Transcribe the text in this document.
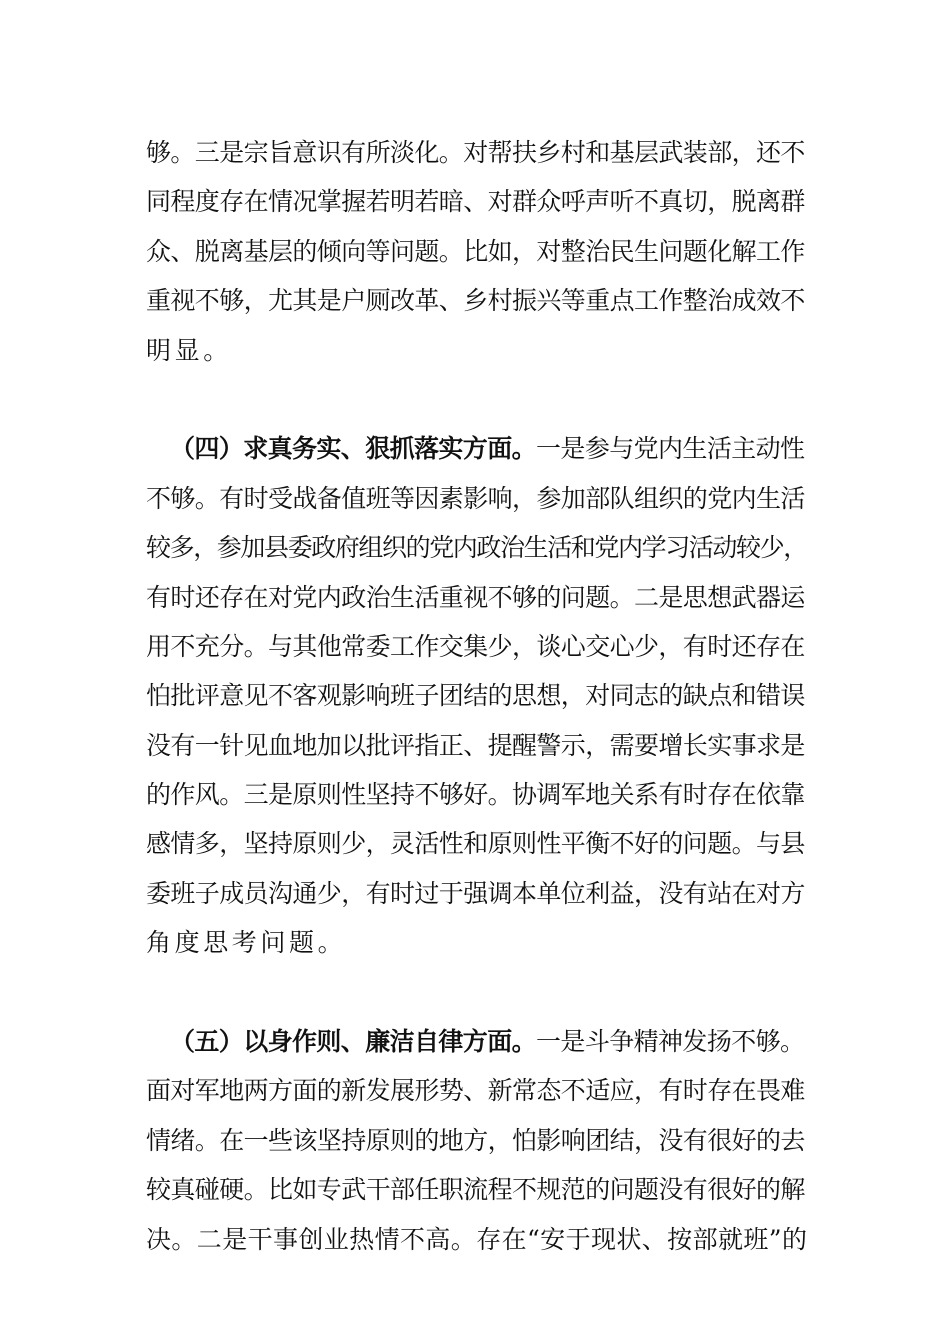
够。三是宗旨意识有所淡化。对帮扶乡村和基层武装部，还不
同程度存在情况掌握若明若暗、对群众呼声听不真切，脱离群
众、脱离基层的倾向等问题。比如，对整治民生问题化解工作
重视不够，尤其是户厕改革、乡村振兴等重点工作整治成效不
明显。
（四）求真务实、狠抓落实方面。一是参与党内生活主动性
不够。有时受战备值班等因素影响，参加部队组织的党内生活
较多，参加县委政府组织的党内政治生活和党内学习活动较少，
有时还存在对党内政治生活重视不够的问题。二是思想武器运
用不充分。与其他常委工作交集少，谈心交心少，有时还存在
怕批评意见不客观影响班子团结的思想，对同志的缺点和错误
没有一针见血地加以批评指正、提醒警示，需要增长实事求是
的作风。三是原则性坚持不够好。协调军地关系有时存在依靠
感情多，坚持原则少，灵活性和原则性平衡不好的问题。与县
委班子成员沟通少，有时过于强调本单位利益，没有站在对方
角度思考问题。
（五）以身作则、廉洁自律方面。一是斗争精神发扬不够。
面对军地两方面的新发展形势、新常态不适应，有时存在畏难
情绪。在一些该坚持原则的地方，怕影响团结，没有很好的去
较真碰硬。比如专武干部任职流程不规范的问题没有很好的解
决。二是干事创业热情不高。存在“安于现状、按部就班”的
